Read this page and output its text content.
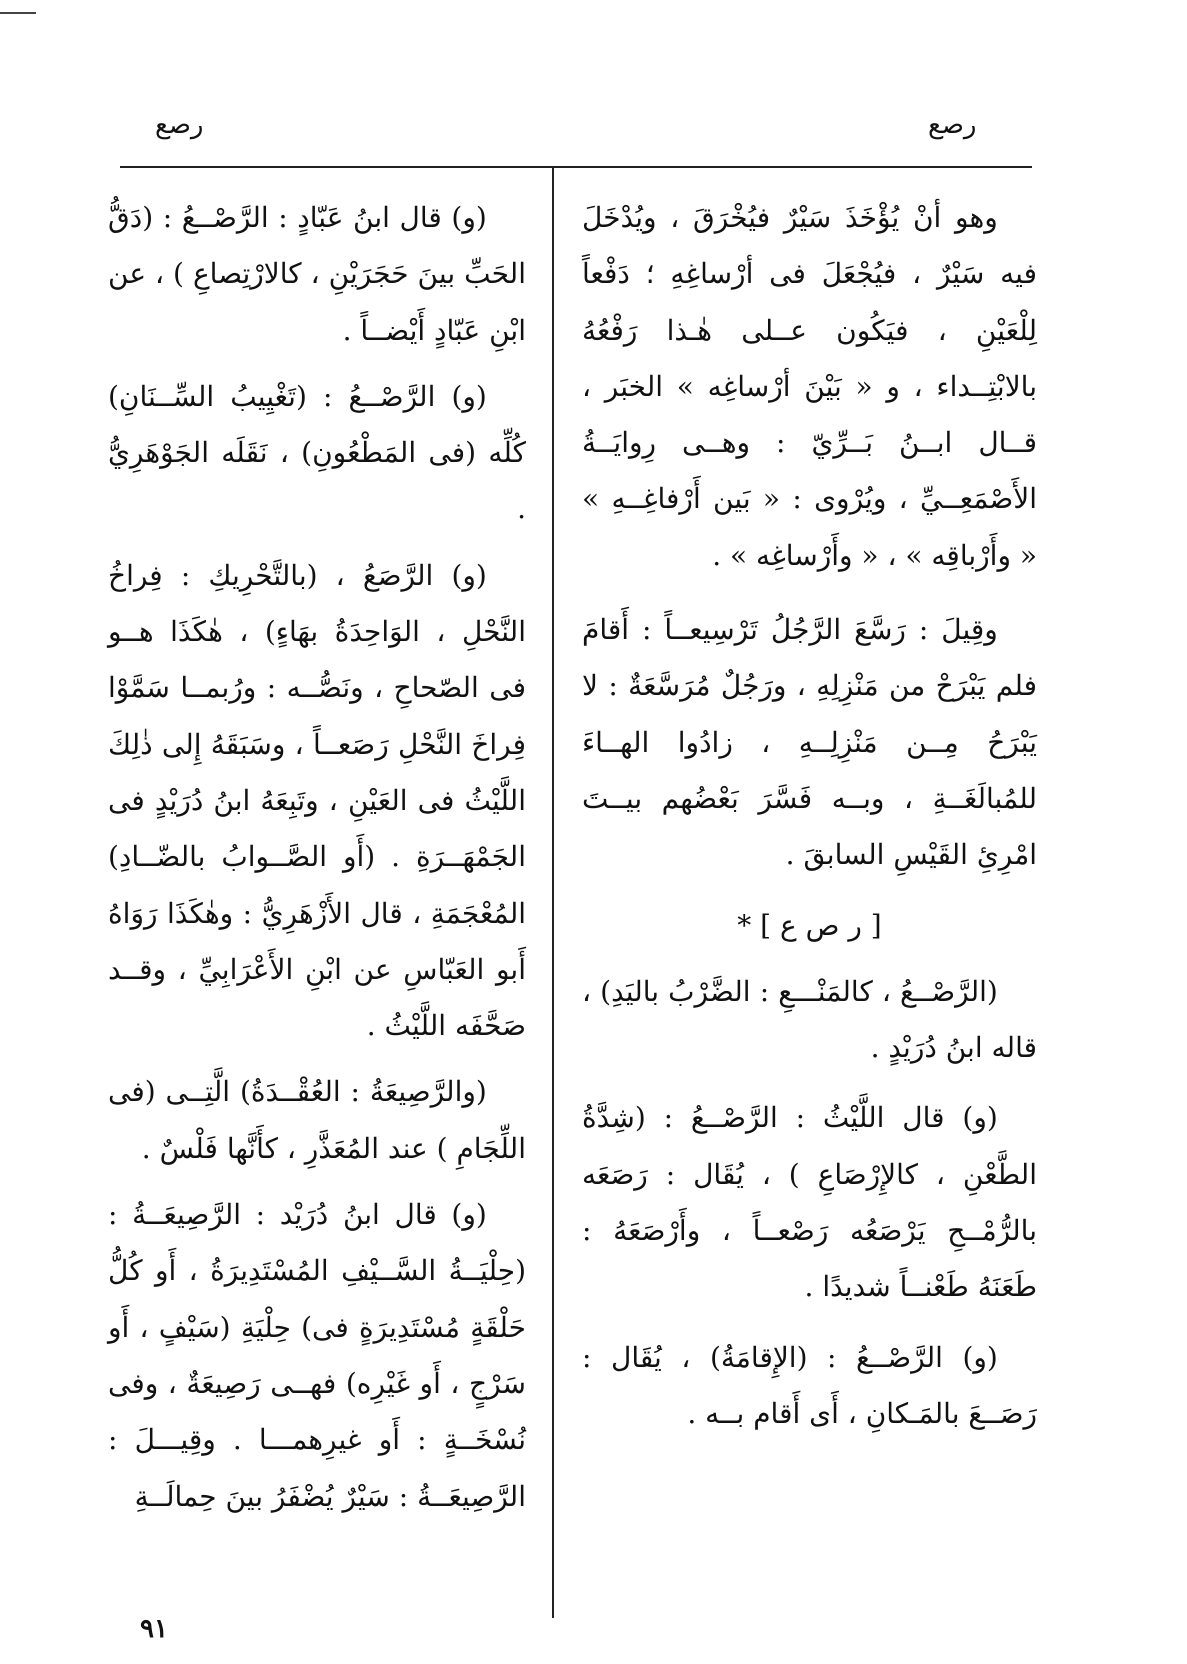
رصع	رصع

وهو أنْ يُؤْخَذَ سَيْرٌ فيُخْرَقَ ، ويُدْخَلَ فيه سَيْرٌ ، فيُجْعَلَ فى أرْساغِهِ ؛ دَفْعاً لِلْعَيْنِ ، فيَكُون عــلى هٰـذا رَفْعُهُ بالابْتِــداء ، و « بَيْنَ أرْساغِه » الخبَر ، قــال ابــنُ بَــرِّيّ : وهــى رِوايَــةُ الأَصْمَعِــيِّ ، ويُرْوى : « بَين أَرْفاغِــهِ » « وأَرْباقِه » ، « وأَرْساغِه » .

وقِيلَ : رَسَّعَ الرَّجُلُ تَرْسِيعــاً : أَقامَ فلم يَبْرَحْ من مَنْزِلِهِ ، ورَجُلٌ مُرَسَّعَةٌ : لا يَبْرَحُ مِــن مَنْزِلِــهِ ، زادُوا الهــاءَ للمُبالَغَــةِ ، وبــه فَسَّرَ بَعْضُهم بيــتَ امْرِئِ القَيْسِ السابقَ .

[ ر ص ع ] *

(الرَّصْــعُ ، كالمَنْـــعِ : الضَّرْبُ باليَدِ) ، قاله ابنُ دُرَيْدٍ .

(و) قال اللَّيْثُ : الرَّصْــعُ : (شِدَّةُ الطَّعْنِ ، كالإِرْصَاعِ ) ، يُقَال : رَصَعَه بالرُّمْــحِ يَرْصَعُه رَصْعــاً ، وأَرْصَعَهُ : طَعَنَهُ طَعْنــاً شديدًا .

(و) الرَّصْــعُ : (الإِقامَةُ) ، يُقَال : رَصَــعَ بالمَـكانِ ، أَى أَقام بــه .

(و) قال ابنُ عَبّادٍ : الرَّصْــعُ : (دَقُّ الحَبِّ بينَ حَجَرَيْنِ ، كالارْتِصاعِ ) ، عن ابْنِ عَبّادٍ أَيْضــاً .

(و) الرَّصْــعُ : (تَغْيِيبُ السِّــنَانِ) كُلِّه (فى المَطْعُونِ) ، نَقَلَه الجَوْهَرِيُّ .

(و) الرَّصَعُ ، (بالتَّحْرِيكِ : فِراخُ النَّحْلِ ، الوَاحِدَةُ بهَاءٍ) ، هٰكَذَا هــو فى الصّحاحِ ، ونَصُّــه : ورُبمــا سَمَّوْا فِراخَ النَّحْلِ رَصَعــاً ، وسَبَقَهُ إِلى ذٰلِكَ اللَّيْثُ فى العَيْنِ ، وتَبِعَهُ ابنُ دُرَيْدٍ فى الجَمْهَــرَةِ . (أَو الصَّــوابُ بالضّــادِ) المُعْجَمَةِ ، قال الأَزْهَرِيُّ : وهٰكَذَا رَوَاهُ أَبو العَبّاسِ عن ابْنِ الأَعْرَابِيِّ ، وقــد صَحَّفَه اللَّيْثُ .

(والرَّصِيعَةُ : العُقْــدَةُ) الَّتِــى (فى اللِّجَامِ ) عند المُعَذَّرِ ، كأَنَّها فَلْسٌ .

(و) قال ابنُ دُرَيْد : الرَّصِيعَــةُ : (حِلْيَــةُ السَّــيْفِ المُسْتَدِيرَةُ ، أَو كُلُّ حَلْقَةٍ مُسْتَدِيرَةٍ فى) حِلْيَةِ (سَيْفٍ ، أَو سَرْجٍ ، أَو غَيْرِه) فهــى رَصِيعَةٌ ، وفى نُسْخَــةٍ : أَو غيرِهمـــا . وقِيـــلَ : الرَّصِيعَــةُ : سَيْرٌ يُضْفَرُ بينَ حِمالَــةِ

٩١
